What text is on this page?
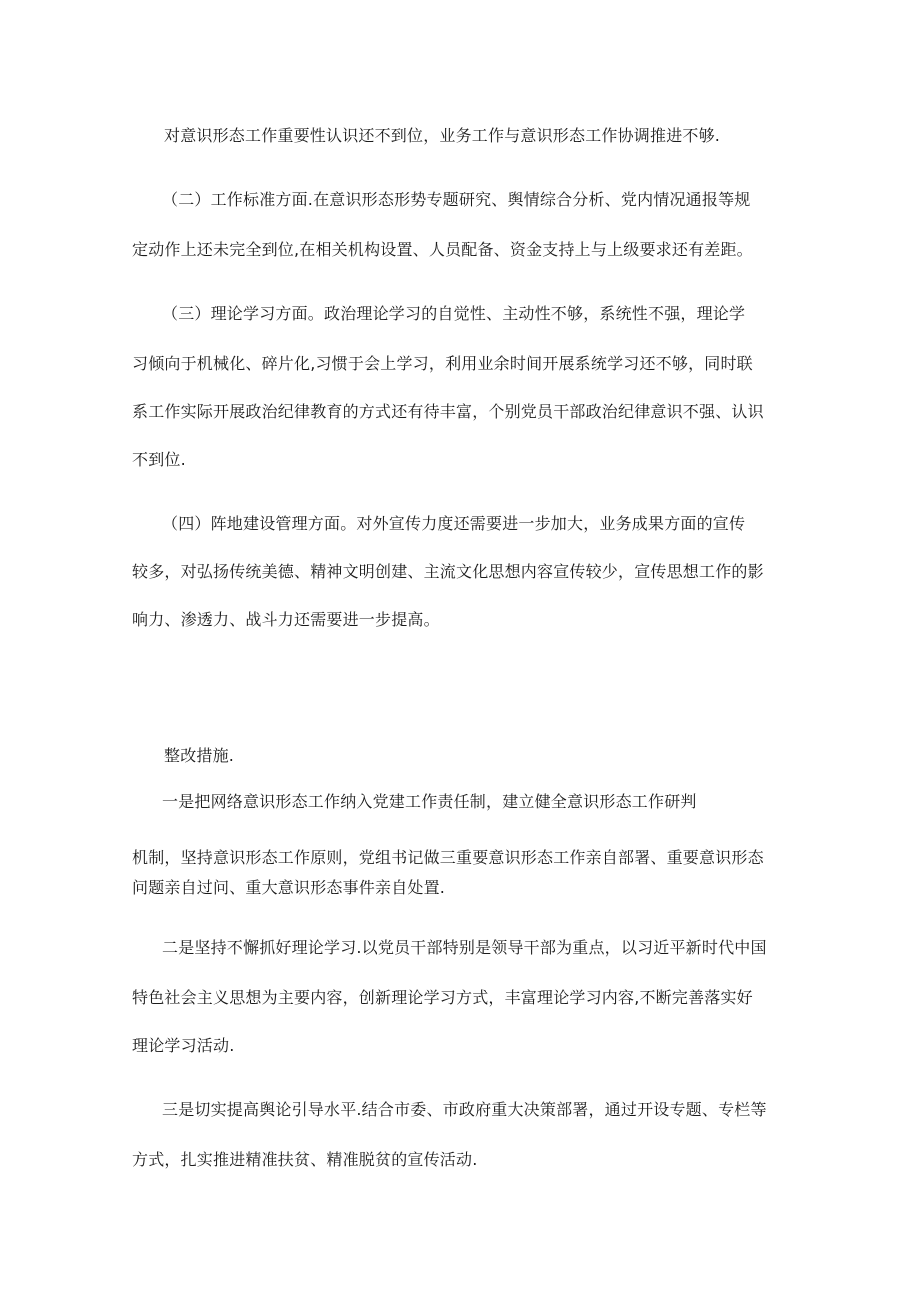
对意识形态工作重要性认识还不到位，业务工作与意识形态工作协调推进不够.
（二）工作标准方面.在意识形态形势专题研究、舆情综合分析、党内情况通报等规
定动作上还未完全到位,在相关机构设置、人员配备、资金支持上与上级要求还有差距。
（三）理论学习方面。政治理论学习的自觉性、主动性不够，系统性不强，理论学
习倾向于机械化、碎片化,习惯于会上学习，利用业余时间开展系统学习还不够，同时联
系工作实际开展政治纪律教育的方式还有待丰富，个别党员干部政治纪律意识不强、认识
不到位.
（四）阵地建设管理方面。对外宣传力度还需要进一步加大，业务成果方面的宣传
较多，对弘扬传统美德、精神文明创建、主流文化思想内容宣传较少，宣传思想工作的影
响力、渗透力、战斗力还需要进一步提高。
整改措施.
一是把网络意识形态工作纳入党建工作责任制，建立健全意识形态工作研判
机制，坚持意识形态工作原则，党组书记做三重要意识形态工作亲自部署、重要意识形态
问题亲自过问、重大意识形态事件亲自处置.
二是坚持不懈抓好理论学习.以党员干部特别是领导干部为重点，以习近平新时代中国
特色社会主义思想为主要内容，创新理论学习方式，丰富理论学习内容,不断完善落实好
理论学习活动.
三是切实提高舆论引导水平.结合市委、市政府重大决策部署，通过开设专题、专栏等
方式，扎实推进精准扶贫、精准脱贫的宣传活动.
